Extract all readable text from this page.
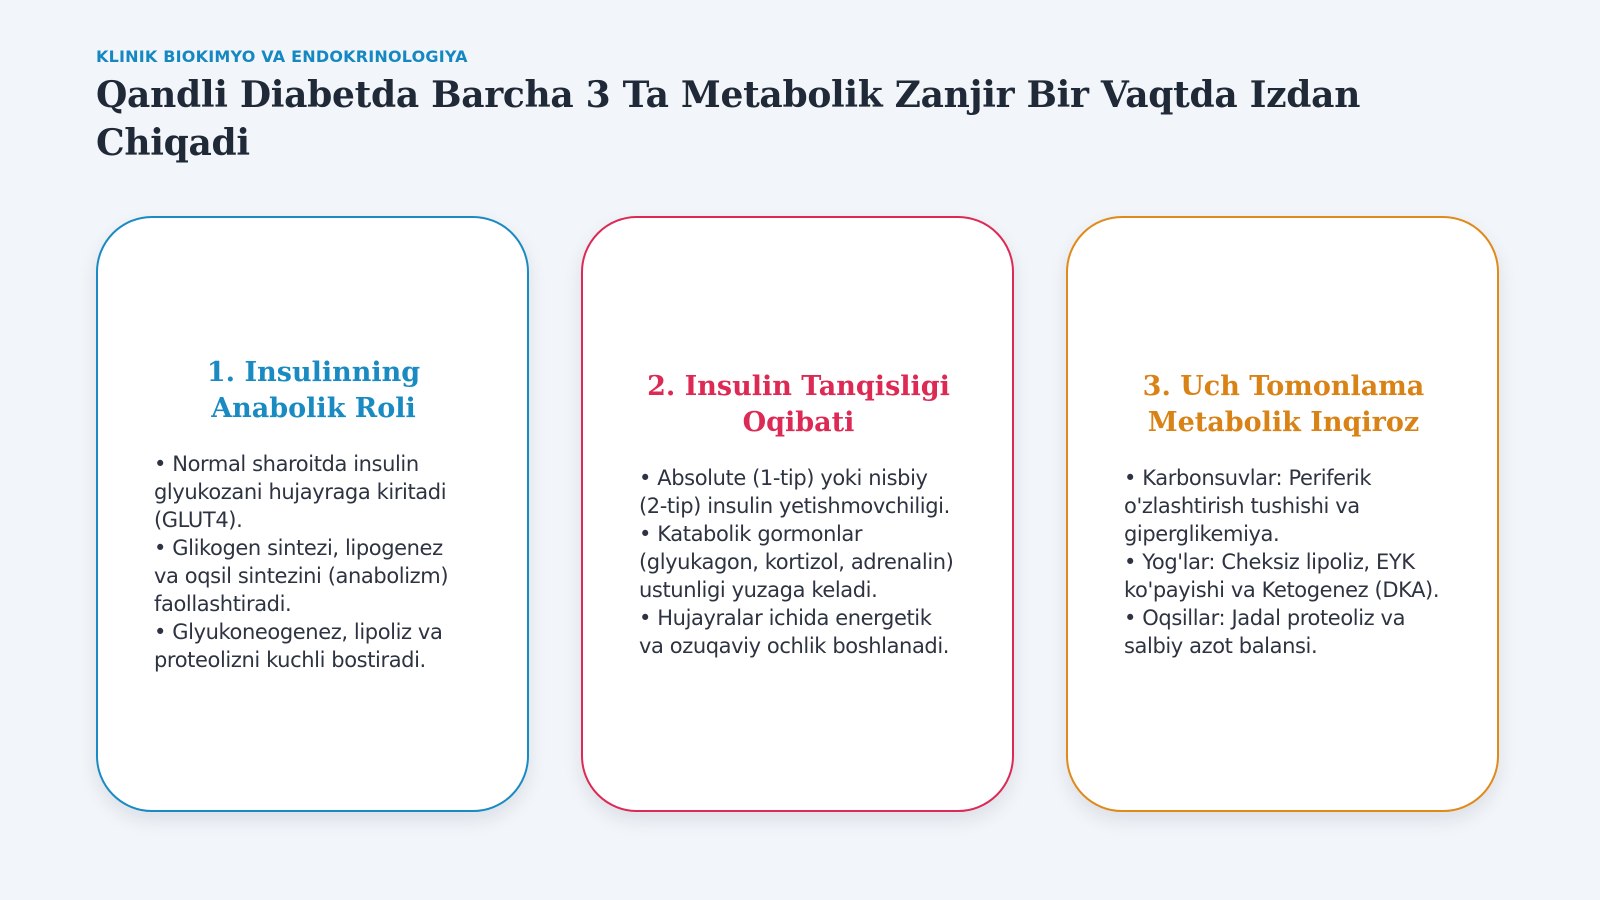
KLINIK BIOKIMYO VA ENDOKRINOLOGIYA
Qandli Diabetda Barcha 3 Ta Metabolik Zanjir Bir Vaqtda Izdan Chiqadi
1. Insulinning Anabolik Roli
• Normal sharoitda insulin glyukozani hujayraga kiritadi (GLUT4).
• Glikogen sintezi, lipogenez va oqsil sintezini (anabolizm) faollashtiradi.
• Glyukoneogenez, lipoliz va proteolizni kuchli bostiradi.
2. Insulin Tanqisligi Oqibati
• Absolute (1-tip) yoki nisbiy (2-tip) insulin yetishmovchiligi.
• Katabolik gormonlar (glyukagon, kortizol, adrenalin) ustunligi yuzaga keladi.
• Hujayralar ichida energetik va ozuqaviy ochlik boshlanadi.
3. Uch Tomonlama Metabolik Inqiroz
• Karbonsuvlar: Periferik o'zlashtirish tushishi va giperglikemiya.
• Yog'lar: Cheksiz lipoliz, EYK ko'payishi va Ketogenez (DKA).
• Oqsillar: Jadal proteoliz va salbiy azot balansi.
